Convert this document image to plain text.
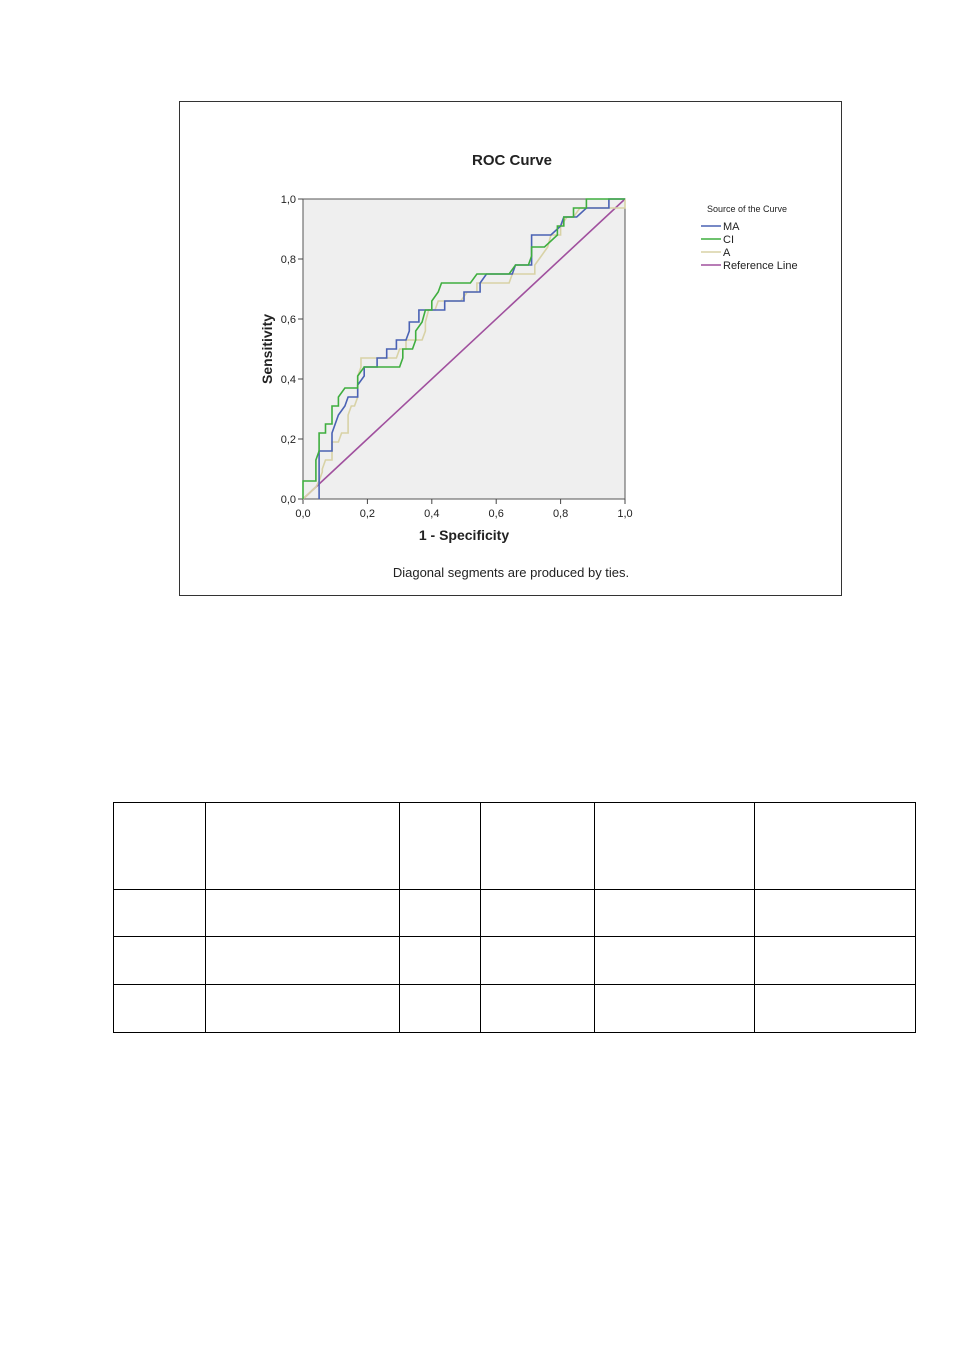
ROC Curve
0,0	0,2	0,4	0,6	0,8	1,0
0,0
0,2
0,4
0,6
0,8
1,0
Sensitivity
1 - Specificity
Diagonal segments are produced by ties.
Source of the Curve
MA
CI
A
Reference Line
